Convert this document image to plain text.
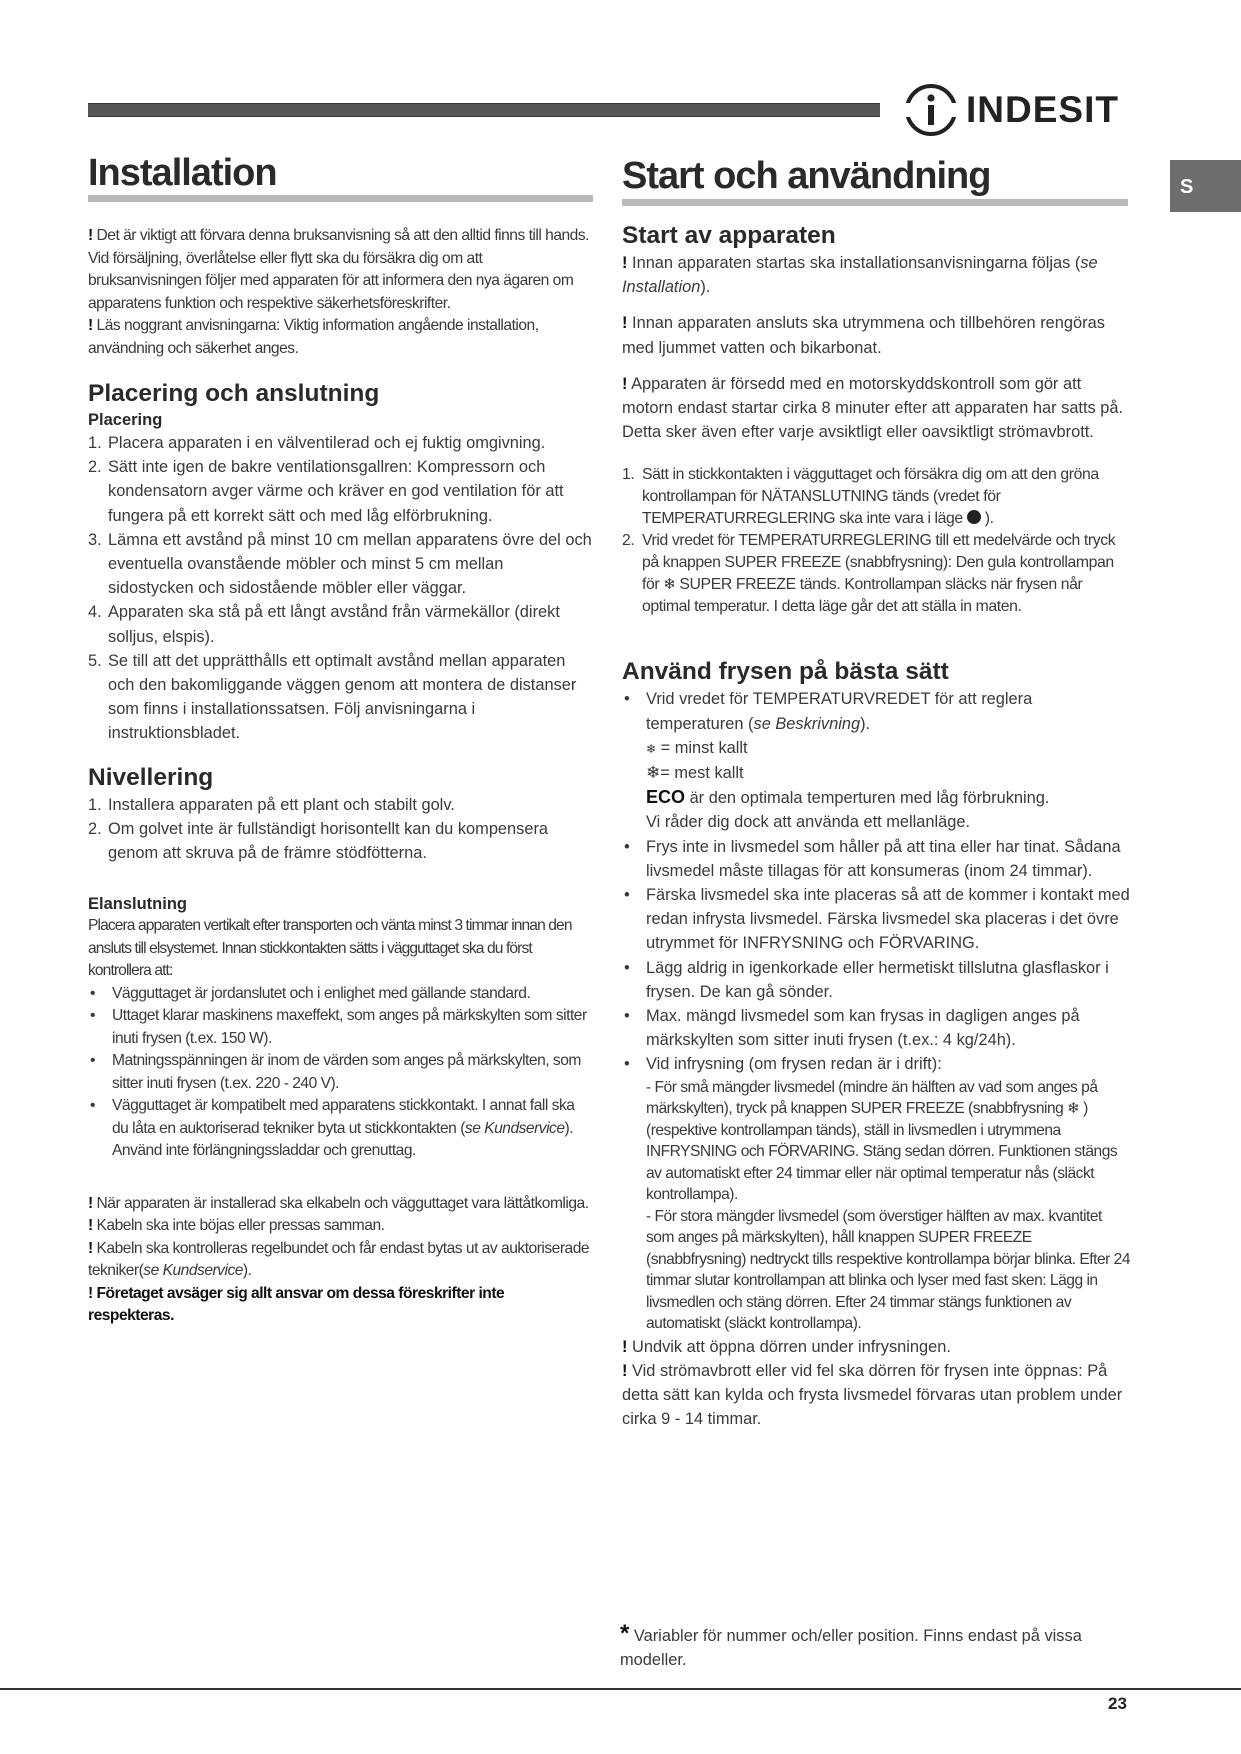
INDESIT
S
Installation

! Det är viktigt att förvara denna bruksanvisning så att den alltid finns till hands. Vid försäljning, överlåtelse eller flytt ska du försäkra dig om att bruksanvisningen följer med apparaten för att informera den nya ägaren om apparatens funktion och respektive säkerhetsföreskrifter.

! Läs noggrant anvisningarna: Viktig information angående installation, användning och säkerhet anges.

Placering och anslutning
Placering
1. Placera apparaten i en välventilerad och ej fuktig omgivning.
2. Sätt inte igen de bakre ventilationsgallren: Kompressorn och kondensatorn avger värme och kräver en god ventilation för att fungera på ett korrekt sätt och med låg elförbrukning.
3. Lämna ett avstånd på minst 10 cm mellan apparatens övre del och eventuella ovanstående möbler och minst 5 cm mellan sidostycken och sidostående möbler eller väggar.
4. Apparaten ska stå på ett långt avstånd från värmekällor (direkt solljus, elspis).
5. Se till att det upprätthålls ett optimalt avstånd mellan apparaten och den bakomliggande väggen genom att montera de distanser som finns i installationssatsen. Följ anvisningarna i instruktionsbladet.
Nivellering
1. Installera apparaten på ett plant och stabilt golv.
2. Om golvet inte är fullständigt horisontellt kan du kompensera genom att skruva på de främre stödfötterna.
Elanslutning

Placera apparaten vertikalt efter transporten och vänta minst 3 timmar innan den ansluts till elsystemet. Innan stickkontakten sätts i vägguttaget ska du först kontrollera att:

• Vägguttaget är jordanslutet och i enlighet med gällande standard.
• Uttaget klarar maskinens maxeffekt, som anges på märkskylten som sitter inuti frysen (t.ex. 150 W).
• Matningsspänningen är inom de värden som anges på märkskylten, som sitter inuti frysen (t.ex. 220 - 240 V).
• Vägguttaget är kompatibelt med apparatens stickkontakt. I annat fall ska du låta en auktoriserad tekniker byta ut stickkontakten (se Kundservice). Använd inte förlängningssladdar och grenuttag.

! När apparaten är installerad ska elkabeln och vägguttaget vara lättåtkomliga.

! Kabeln ska inte böjas eller pressas samman.

! Kabeln ska kontrolleras regelbundet och får endast bytas ut av auktoriserade tekniker(se Kundservice).

! Företaget avsäger sig allt ansvar om dessa föreskrifter inte respekteras.

Start och användning
Start av apparaten

! Innan apparaten startas ska installationsanvisningarna följas (se Installation).

! Innan apparaten ansluts ska utrymmena och tillbehören rengöras med ljummet vatten och bikarbonat.

! Apparaten är försedd med en motorskyddskontroll som gör att motorn endast startar cirka 8 minuter efter att apparaten har satts på. Detta sker även efter varje avsiktligt eller oavsiktligt strömavbrott.

1. Sätt in stickkontakten i vägguttaget och försäkra dig om att den gröna kontrollampan för NÄTANSLUTNING tänds (vredet för TEMPERATURREGLERING ska inte vara i läge  ).
2. Vrid vredet för TEMPERATURREGLERING till ett medelvärde och tryck på knappen SUPER FREEZE (snabbfrysning): Den gula kontrollampan för ❄ SUPER FREEZE tänds. Kontrollampan släcks när frysen når optimal temperatur. I detta läge går det att ställa in maten.
Använd frysen på bästa sätt
• Vrid vredet för TEMPERATURVREDET för att reglera temperaturen (se Beskrivning).
❄ = minst kallt
❄= mest kallt
ECO är den optimala temperturen med låg förbrukning.
Vi råder dig dock att använda ett mellanläge.
• Frys inte in livsmedel som håller på att tina eller har tinat. Sådana livsmedel måste tillagas för att konsumeras (inom 24 timmar).
• Färska livsmedel ska inte placeras så att de kommer i kontakt med redan infrysta livsmedel. Färska livsmedel ska placeras i det övre utrymmet för INFRYSNING och FÖRVARING.
• Lägg aldrig in igenkorkade eller hermetiskt tillslutna glasflaskor i frysen. De kan gå sönder.
• Max. mängd livsmedel som kan frysas in dagligen anges på märkskylten som sitter inuti frysen (t.ex.: 4 kg/24h).
• Vid infrysning (om frysen redan är i drift):
- För små mängder livsmedel (mindre än hälften av vad som anges på märkskylten), tryck på knappen SUPER FREEZE (snabbfrysning ❄ ) (respektive kontrollampan tänds), ställ in livsmedlen i utrymmena INFRYSNING och FÖRVARING. Stäng sedan dörren. Funktionen stängs av automatiskt efter 24 timmar eller när optimal temperatur nås (släckt kontrollampa).
- För stora mängder livsmedel (som överstiger hälften av max. kvantitet som anges på märkskylten), håll knappen SUPER FREEZE (snabbfrysning) nedtryckt tills respektive kontrollampa börjar blinka. Efter 24 timmar slutar kontrollampan att blinka och lyser med fast sken: Lägg in livsmedlen och stäng dörren. Efter 24 timmar stängs funktionen av automatiskt (släckt kontrollampa).

! Undvik att öppna dörren under infrysningen.

! Vid strömavbrott eller vid fel ska dörren för frysen inte öppnas: På detta sätt kan kylda och frysta livsmedel förvaras utan problem under cirka 9 - 14 timmar.

* Variabler för nummer och/eller position. Finns endast på vissa modeller.
23
